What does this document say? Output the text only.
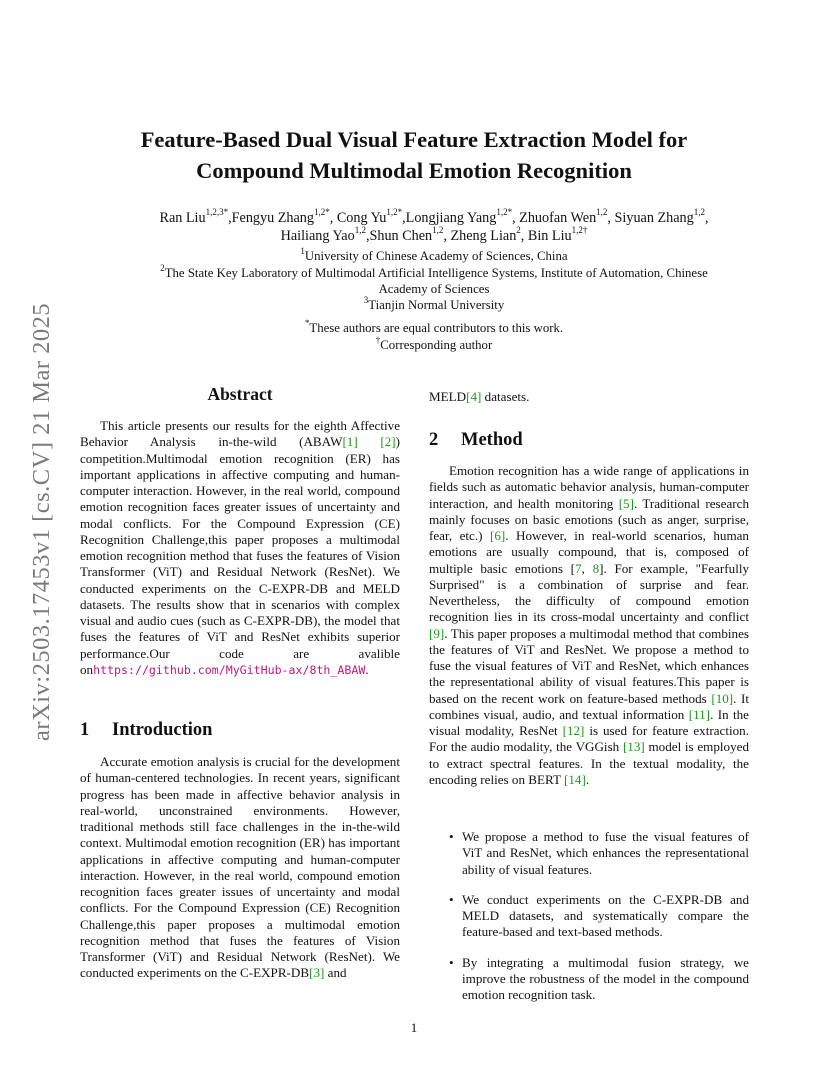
arXiv:2503.17453v1 [cs.CV] 21 Mar 2025
Feature-Based Dual Visual Feature Extraction Model for
Compound Multimodal Emotion Recognition
Ran Liu$^{1,2,3*}$,Fengyu Zhang$^{1,2*}$, Cong $Yu^{1,2*},Longjiang$ Yang$^{1,2*}$, Zhuofan Wen$^{1,2}$, Siyuan Zhang$^{1,2}$,
Hailiang Yao$^{1,2}$,Shun Chen$^{1,2}$, Zheng Lian$^2$, Bin Liu$^{1,2\dagger}$
$^1$University of Chinese Academy of Sciences, China
$^2$The State Key Laboratory of Multimodal Artificial Intelligence Systems, Institute of Automation, Chinese
Academy of Sciences
$^3$Tianjin Normal University
*These authors are equal contributors to this work.
†Corresponding author
Abstract

This article presents our results for the eighth Affective Behavior Analysis in-the-wild (ABAW[1] [2]) competition.Multimodal emotion recognition (ER) has important applications in affective computing and human-computer interaction. However, in the real world, compound emotion recognition faces greater issues of uncertainty and modal conflicts. For the Compound Expression (CE) Recognition Challenge,this paper proposes a multimodal emotion recognition method that fuses the features of Vision Transformer (ViT) and Residual Network (ResNet). We conducted experiments on the C-EXPR-DB and MELD datasets. The results show that in scenarios with complex visual and audio cues (such as C-EXPR-DB), the model that fuses the features of ViT and ResNet exhibits superior performance.Our code are avalible onhttps://github.com/MyGitHub-ax/8th_ABAW.

1 Introduction

Accurate emotion analysis is crucial for the development of human-centered technologies. In recent years, significant progress has been made in affective behavior analysis in real-world, unconstrained environments. However, traditional methods still face challenges in the in-the-wild context. Multimodal emotion recognition (ER) has important applications in affective computing and human-computer interaction. However, in the real world, compound emotion recognition faces greater issues of uncertainty and modal conflicts. For the Compound Expression (CE) Recognition Challenge,this paper proposes a multimodal emotion recognition method that fuses the features of Vision Transformer (ViT) and Residual Network (ResNet). We conducted experiments on the C-EXPR-DB[3] and

MELD[4] datasets.

2 Method

Emotion recognition has a wide range of applications in fields such as automatic behavior analysis, human-computer interaction, and health monitoring [5]. Traditional research mainly focuses on basic emotions (such as anger, surprise, fear, etc.) [6]. However, in real-world scenarios, human emotions are usually compound, that is, composed of multiple basic emotions [7, 8]. For example, "Fearfully Surprised" is a combination of surprise and fear. Nevertheless, the difficulty of compound emotion recognition lies in its cross-modal uncertainty and conflict [9]. This paper proposes a multimodal method that combines the features of ViT and ResNet. We propose a method to fuse the visual features of ViT and ResNet, which enhances the representational ability of visual features.This paper is based on the recent work on feature-based methods [10]. It combines visual, audio, and textual information [11]. In the visual modality, ResNet [12] is used for feature extraction. For the audio modality, the VGGish [13] model is employed to extract spectral features. In the textual modality, the encoding relies on BERT [14].

• We propose a method to fuse the visual features of ViT and ResNet, which enhances the representational ability of visual features.
• We conduct experiments on the C-EXPR-DB and MELD datasets, and systematically compare the feature-based and text-based methods.
• By integrating a multimodal fusion strategy, we improve the robustness of the model in the compound emotion recognition task.
1
